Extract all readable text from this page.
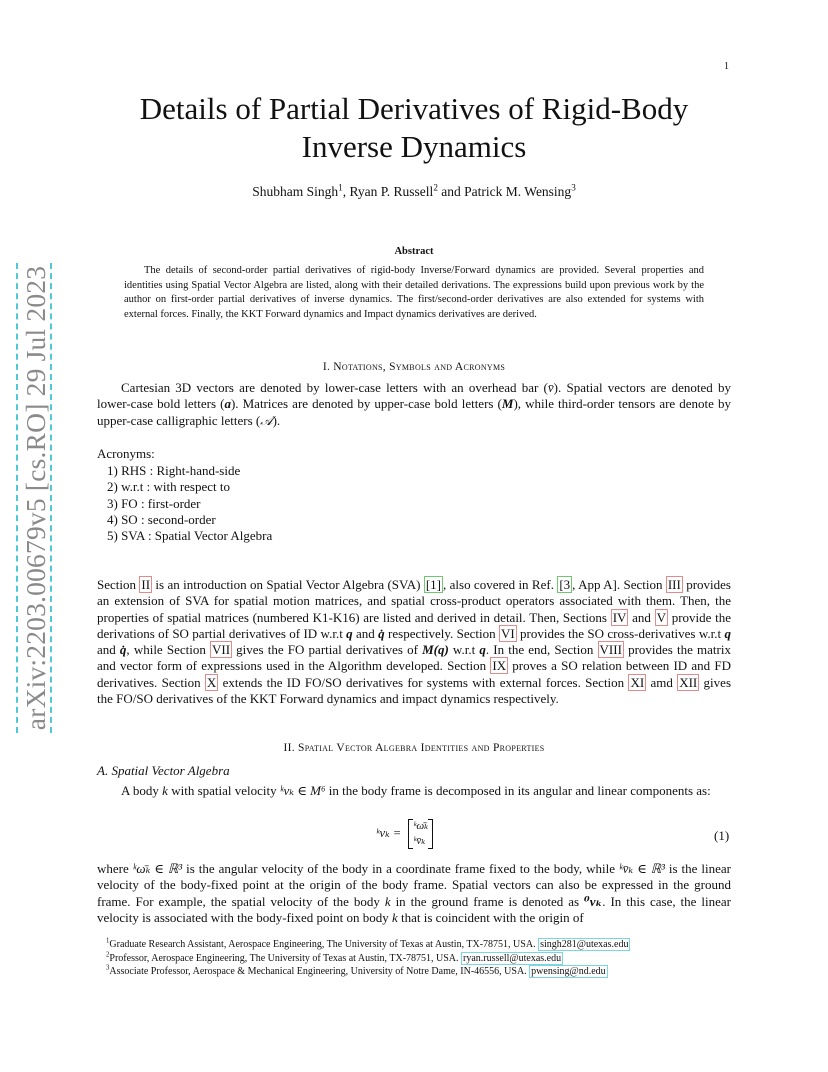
1
arXiv:2203.00679v5 [cs.RO] 29 Jul 2023
Details of Partial Derivatives of Rigid-Body Inverse Dynamics
Shubham Singh$^1$, Ryan P. Russell$^2$ and Patrick M. Wensing$^3$
Abstract

The details of second-order partial derivatives of rigid-body Inverse/Forward dynamics are provided. Several properties and identities using Spatial Vector Algebra are listed, along with their detailed derivations. The expressions build upon previous work by the author on first-order partial derivatives of inverse dynamics. The first/second-order derivatives are also extended for systems with external forces. Finally, the KKT Forward dynamics and Impact dynamics derivatives are derived.

I. Notations, Symbols and Acronyms

Cartesian 3D vectors are denoted by lower-case letters with an overhead bar (v̄). Spatial vectors are denoted by lower-case bold letters (a). Matrices are denoted by upper-case bold letters (M), while third-order tensors are denote by upper-case calligraphic letters (𝒜).

Acronyms:

1) RHS : Right-hand-side
2) w.r.t : with respect to
3) FO : first-order
4) SO : second-order
5) SVA : Spatial Vector Algebra

Section II is an introduction on Spatial Vector Algebra (SVA) [1] , also covered in Ref. [3 , App A]. Section III provides an extension of SVA for spatial motion matrices, and spatial cross-product operators associated with them. Then, the properties of spatial matrices (numbered K1-K16) are listed and derived in detail. Then, Sections IV and V provide the derivations of SO partial derivatives of ID w.r.t q and q̇ respectively. Section VI provides the SO cross-derivatives w.r.t q and q̇, while Section VII gives the FO partial derivatives of M(q) w.r.t q. In the end, Section VIII provides the matrix and vector form of expressions used in the Algorithm developed. Section IX proves a SO relation between ID and FD derivatives. Section X extends the ID FO/SO derivatives for systems with external forces. Section XI amd XII gives the FO/SO derivatives of the KKT Forward dynamics and impact dynamics respectively.

II. Spatial Vector Algebra Identities and Properties
A. Spatial Vector Algebra

A body k with spatial velocity ᵏvₖ ∈ M⁶ in the body frame is decomposed in its angular and linear components as:

ᵏvₖ = ᵏω̄ₖ
ᵏv̄ₖ	(1)

where ᵏω̄ₖ ∈ ℝ³ is the angular velocity of the body in a coordinate frame fixed to the body, while ᵏv̄ₖ ∈ ℝ³ is the linear velocity of the body-fixed point at the origin of the body frame. Spatial vectors can also be expressed in the ground frame. For example, the spatial velocity of the body k in the ground frame is denoted as ⁰vₖ. In this case, the linear velocity is associated with the body-fixed point on body k that is coincident with the origin of

$^1$Graduate Research Assistant, Aerospace Engineering, The University of Texas at Austin, TX-78751, USA. singh281@utexas.edu
$^2$Professor, Aerospace Engineering, The University of Texas at Austin, TX-78751, USA. ryan.russell@utexas.edu
$^3$Associate Professor, Aerospace & Mechanical Engineering, University of Notre Dame, IN-46556, USA. pwensing@nd.edu
